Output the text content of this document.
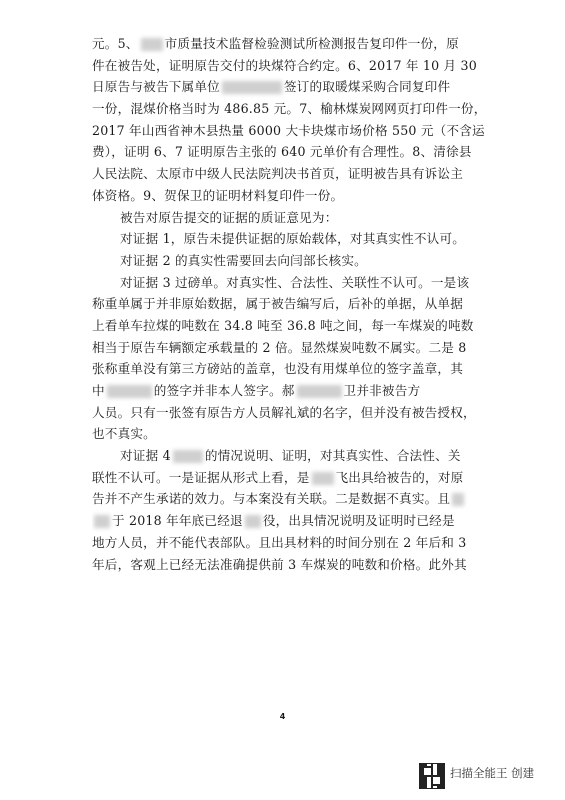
元。5、 市质量技术监督检验测试所检测报告复印件一份，原
件在被告处，证明原告交付的块煤符合约定。6、2017 年 10 月 30
日原告与被告下属单位	签订的取暖煤采购合同复印件
一份，混煤价格当时为 486.85 元。7、榆林煤炭网网页打印件一份，
2017 年山西省神木县热量 6000 大卡块煤市场价格 550 元（不含运
费），证明 6、7 证明原告主张的 640 元单价有合理性。8、清徐县
人民法院、太原市中级人民法院判决书首页，证明被告具有诉讼主
体资格。9、贺保卫的证明材料复印件一份。
被告对原告提交的证据的质证意见为：
对证据 1，原告未提供证据的原始载体，对其真实性不认可。
对证据 2 的真实性需要回去向闫部长核实。
对证据 3 过磅单。对真实性、合法性、关联性不认可。一是该
称重单属于并非原始数据，属于被告编写后，后补的单据，从单据
上看单车拉煤的吨数在 34.8 吨至 36.8 吨之间，每一车煤炭的吨数
相当于原告车辆额定承载量的 2 倍。显然煤炭吨数不属实。二是 8
张称重单没有第三方磅站的盖章，也没有用煤单位的签字盖章，其
中	的签字并非本人签字。郝	卫并非被告方
人员。只有一张签有原告方人员解礼斌的名字，但并没有被告授权，
也不真实。
对证据 4	的情况说明、证明，对其真实性、合法性、关
联性不认可。一是证据从形式上看，是 飞出具给被告的，对原
告并不产生承诺的效力。与本案没有关联。二是数据不真实。且
于 2018 年年底已经退 役，出具情况说明及证明时已经是
地方人员，并不能代表部队。且出具材料的时间分别在 2 年后和 3
年后，客观上已经无法准确提供前 3 车煤炭的吨数和价格。此外其
4
扫描全能王 创建
